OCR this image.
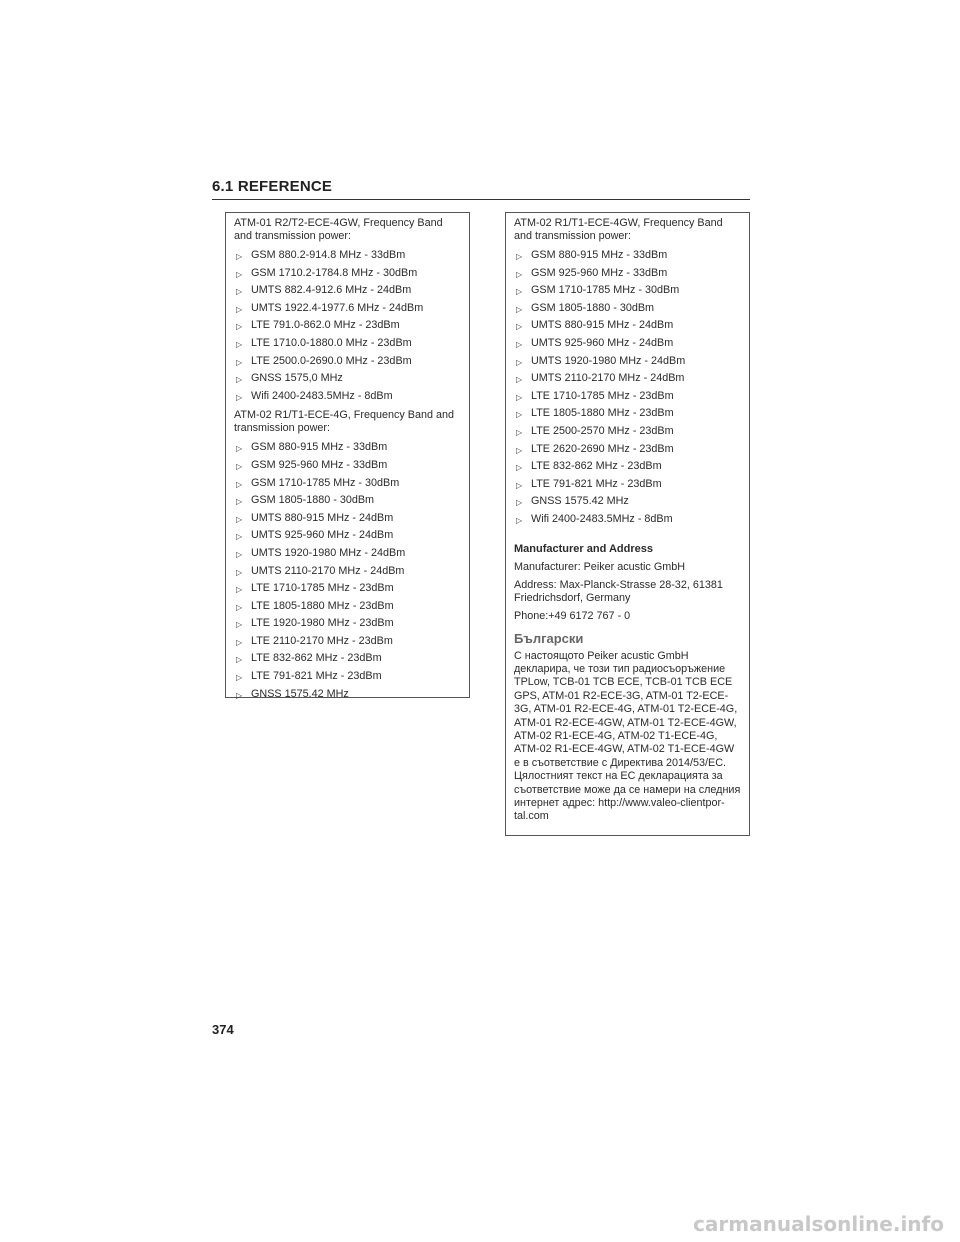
6.1 REFERENCE

ATM-01 R2/T2-ECE-4GW, Frequency Band and transmission power:

▷ GSM 880.2-914.8 MHz - 33dBm
▷ GSM 1710.2-1784.8 MHz - 30dBm
▷ UMTS 882.4-912.6 MHz - 24dBm
▷ UMTS 1922.4-1977.6 MHz - 24dBm
▷ LTE 791.0-862.0 MHz - 23dBm
▷ LTE 1710.0-1880.0 MHz - 23dBm
▷ LTE 2500.0-2690.0 MHz - 23dBm
▷ GNSS 1575,0 MHz
▷ Wifi 2400-2483.5MHz - 8dBm

ATM-02 R1/T1-ECE-4G, Frequency Band and transmission power:

▷ GSM 880-915 MHz - 33dBm
▷ GSM 925-960 MHz - 33dBm
▷ GSM 1710-1785 MHz - 30dBm
▷ GSM 1805-1880 - 30dBm
▷ UMTS 880-915 MHz - 24dBm
▷ UMTS 925-960 MHz - 24dBm
▷ UMTS 1920-1980 MHz - 24dBm
▷ UMTS 2110-2170 MHz - 24dBm
▷ LTE 1710-1785 MHz - 23dBm
▷ LTE 1805-1880 MHz - 23dBm
▷ LTE 1920-1980 MHz - 23dBm
▷ LTE 2110-2170 MHz - 23dBm
▷ LTE 832-862 MHz - 23dBm
▷ LTE 791-821 MHz - 23dBm
▷ GNSS 1575.42 MHz

ATM-02 R1/T1-ECE-4GW, Frequency Band and transmission power:

▷ GSM 880-915 MHz - 33dBm
▷ GSM 925-960 MHz - 33dBm
▷ GSM 1710-1785 MHz - 30dBm
▷ GSM 1805-1880 - 30dBm
▷ UMTS 880-915 MHz - 24dBm
▷ UMTS 925-960 MHz - 24dBm
▷ UMTS 1920-1980 MHz - 24dBm
▷ UMTS 2110-2170 MHz - 24dBm
▷ LTE 1710-1785 MHz - 23dBm
▷ LTE 1805-1880 MHz - 23dBm
▷ LTE 2500-2570 MHz - 23dBm
▷ LTE 2620-2690 MHz - 23dBm
▷ LTE 832-862 MHz - 23dBm
▷ LTE 791-821 MHz - 23dBm
▷ GNSS 1575.42 MHz
▷ Wifi 2400-2483.5MHz - 8dBm
Manufacturer and Address

Manufacturer: Peiker acustic GmbH

Address: Max-Planck-Strasse 28-32, 61381 Friedrichsdorf, Germany

Phone:+49 6172 767 - 0

Български

С настоящото Peiker acustic GmbH декларира, че този тип радиосъоръжение TPLow, TCB-01 TCB ECE, TCB-01 TCB ECE GPS, ATM-01 R2-ECE-3G, ATM-01 T2-ECE-3G, ATM-01 R2-ECE-4G, ATM-01 T2-ECE-4G, ATM-01 R2-ECE-4GW, ATM-01 T2-ECE-4GW, ATM-02 R1-ECE-4G, ATM-02 T1-ECE-4G, ATM-02 R1-ECE-4GW, ATM-02 T1-ECE-4GW е в съответствие с Директива 2014/53/ЕС. Цялостният текст на ЕС декларацията за съответствие може да се намери на следния интернет адрес: http://www.valeo-clientpor-tal.com

374
carmanualsonline.info
